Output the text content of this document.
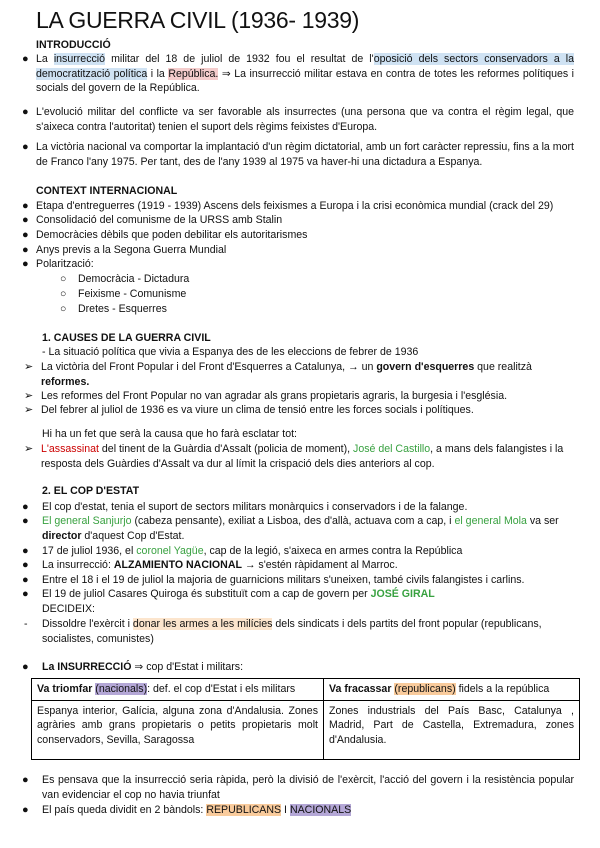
LA GUERRA CIVIL (1936- 1939)
INTRODUCCIÓ
● La insurrecció militar del 18 de juliol de 1932 fou el resultat de l'oposició dels sectors conservadors a la democratització política i la República. ⇒ La insurrecció militar estava en contra de totes les reformes polítiques i socials del govern de la República.
● L'evolució militar del conflicte va ser favorable als insurrectes (una persona que va contra el règim legal, que s'aixeca contra l'autoritat) tenien el suport dels règims feixistes d'Europa.
● La victòria nacional va comportar la implantació d'un règim dictatorial, amb un fort caràcter repressiu, fins a la mort de Franco l'any 1975. Per tant, des de l'any 1939 al 1975 va haver-hi una dictadura a Espanya.
CONTEXT INTERNACIONAL
● Etapa d'entreguerres (1919 - 1939) Ascens dels feixismes a Europa i la crisi econòmica mundial (crack del 29)
● Consolidació del comunisme de la URSS amb Stalin
● Democràcies dèbils que poden debilitar els autoritarismes
● Anys previs a la Segona Guerra Mundial
● Polarització:
○ Democràcia - Dictadura
○ Feixisme - Comunisme
○ Dretes - Esquerres
1. CAUSES DE LA GUERRA CIVIL
- La situació política que vivia a Espanya des de les eleccions de febrer de 1936
➢ La victòria del Front Popular i del Front d'Esquerres a Catalunya, → un govern d'esquerres que realitzà reformes.
➢ Les reformes del Front Popular no van agradar als grans propietaris agraris, la burgesia i l'església.
➢ Del febrer al juliol de 1936 es va viure un clima de tensió entre les forces socials i polítiques.
Hi ha un fet que serà la causa que ho farà esclatar tot:
➢ L'assassinat del tinent de la Guàrdia d'Assalt (policia de moment), José del Castillo, a mans dels falangistes i la resposta dels Guàrdies d'Assalt va dur al límit la crispació dels dies anteriors al cop.
2. EL COP D'ESTAT
● El cop d'estat, tenia el suport de sectors militars monàrquics i conservadors i de la falange.
● El general Sanjurjo (cabeza pensante), exiliat a Lisboa, des d'allà, actuava com a cap, i el general Mola va ser director d'aquest Cop d'Estat.
● 17 de juliol 1936, el coronel Yagüe, cap de la legió, s'aixeca en armes contra la República
● La insurrecció: ALZAMIENTO NACIONAL → s'estén ràpidament al Marroc.
● Entre el 18 i el 19 de juliol la majoria de guarnicions militars s'uneixen, també civils falangistes i carlins.
● El 19 de juliol Casares Quiroga és substituït com a cap de govern per JOSÉ GIRAL
DECIDEIX:
- Dissoldre l'exèrcit i donar les armes a les milícies dels sindicats i dels partits del front popular (republicans, socialistes, comunistes)
● La INSURRECCIÓ ⇒ cop d'Estat i militars:
Va triomfar (nacionals): def. el cop d'Estat i els militars	Va fracassar (republicans) fidels a la república
Espanya interior, Galícia, alguna zona d'Andalusia. Zones agràries amb grans propietaris o petits propietaris molt conservadors, Sevilla, Saragossa	Zones industrials del País Basc, Catalunya , Madrid, Part de Castella, Extremadura, zones d'Andalusia.
● Es pensava que la insurrecció seria ràpida, però la divisió de l'exèrcit, l'acció del govern i la resistència popular van evidenciar el cop no havia triunfat
● El país queda dividit en 2 bàndols: REPUBLICANS I NACIONALS
